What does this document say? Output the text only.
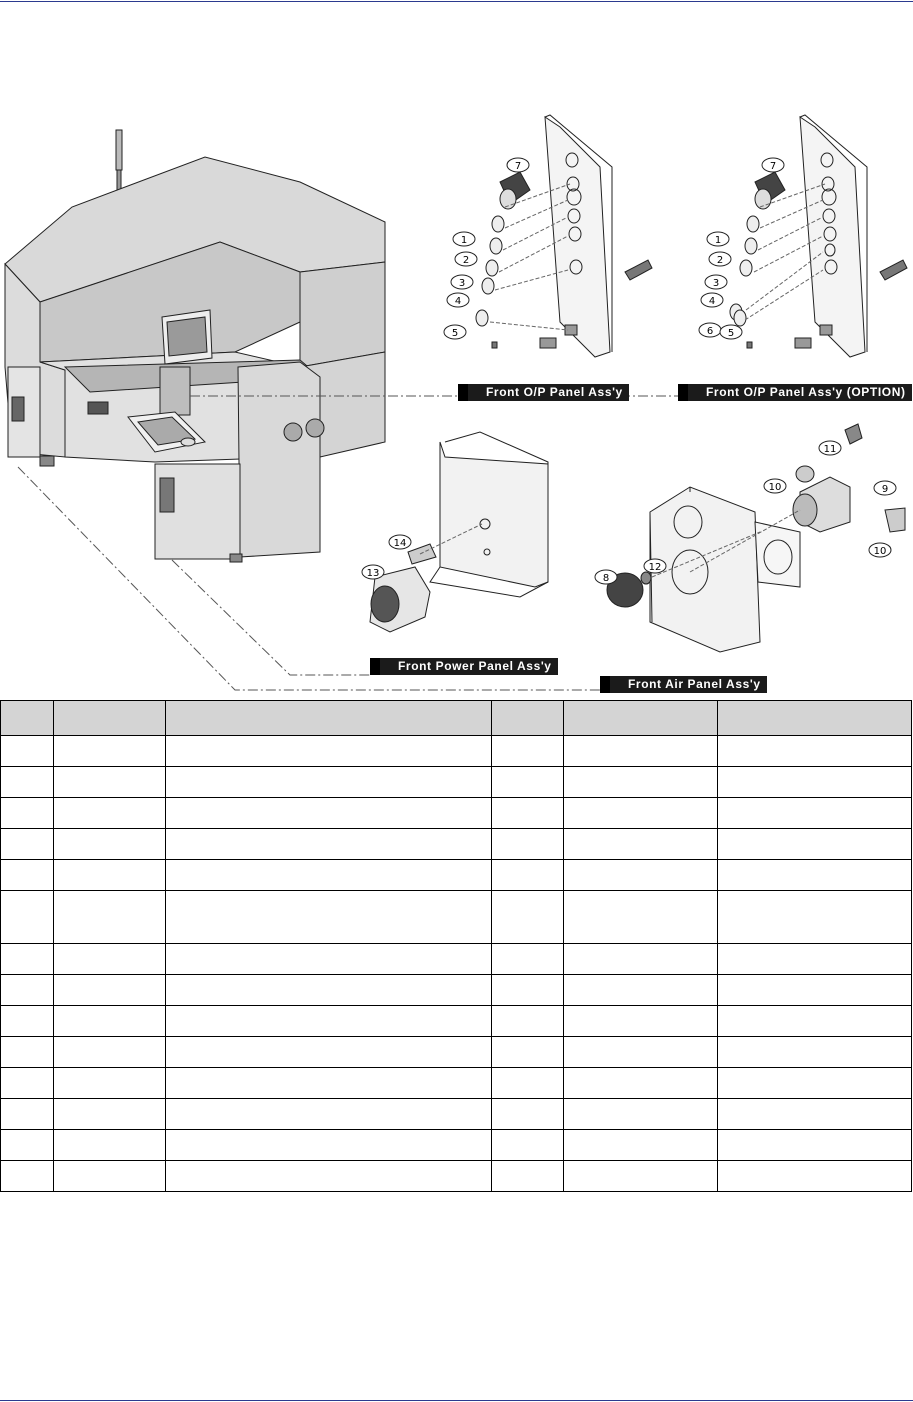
7
1
2
3
4
5
7
1
2
3
4
6 5
11
10	9
10
12
8
14
13
Front O/P Panel Ass'y	Front O/P Panel Ass'y (OPTION)
Front Power Panel Ass'y
Front Air Panel Ass'y
